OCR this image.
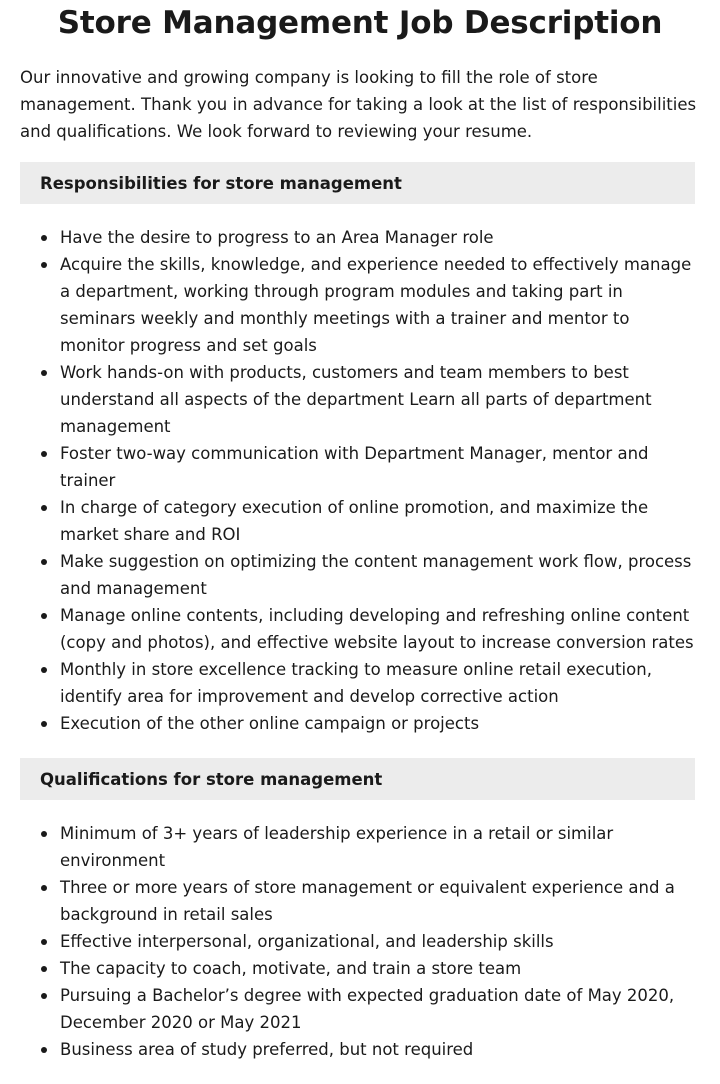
Store Management Job Description

Our innovative and growing company is looking to fill the role of store management. Thank you in advance for taking a look at the list of responsibilities and qualifications. We look forward to reviewing your resume.

Responsibilities for store management
Have the desire to progress to an Area Manager role
Acquire the skills, knowledge, and experience needed to effectively manage a department, working through program modules and taking part in seminars weekly and monthly meetings with a trainer and mentor to monitor progress and set goals
Work hands-on with products, customers and team members to best understand all aspects of the department Learn all parts of department management
Foster two-way communication with Department Manager, mentor and trainer
In charge of category execution of online promotion, and maximize the market share and ROI
Make suggestion on optimizing the content management work flow, process and management
Manage online contents, including developing and refreshing online content (copy and photos), and effective website layout to increase conversion rates
Monthly in store excellence tracking to measure online retail execution, identify area for improvement and develop corrective action
Execution of the other online campaign or projects
Qualifications for store management
Minimum of 3+ years of leadership experience in a retail or similar environment
Three or more years of store management or equivalent experience and a background in retail sales
Effective interpersonal, organizational, and leadership skills
The capacity to coach, motivate, and train a store team
Pursuing a Bachelor’s degree with expected graduation date of May 2020, December 2020 or May 2021
Business area of study preferred, but not required
